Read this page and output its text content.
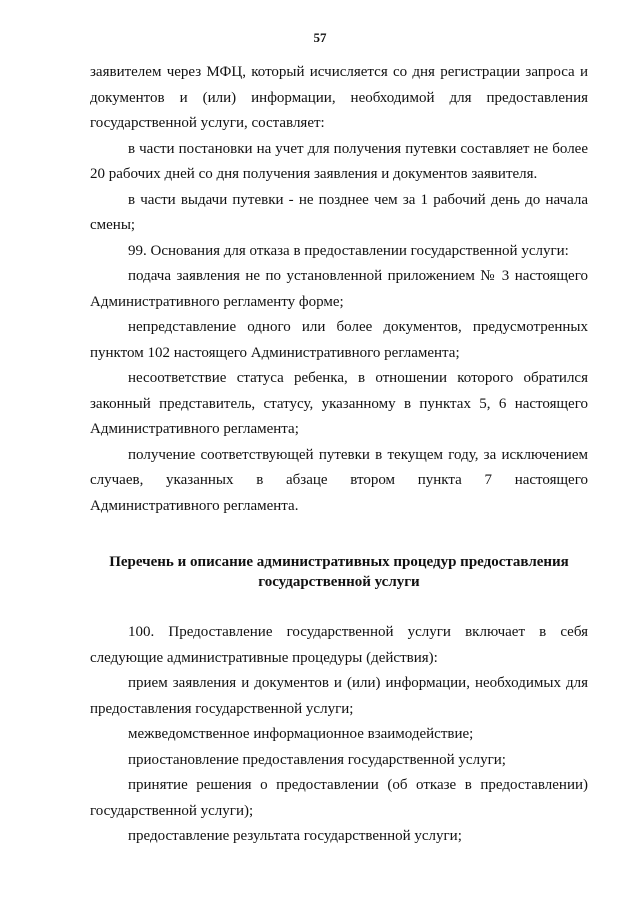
57

заявителем через МФЦ, который исчисляется со дня регистрации запроса и документов и (или) информации, необходимой для предоставления государственной услуги, составляет:

в части постановки на учет для получения путевки составляет не более 20 рабочих дней со дня получения заявления и документов заявителя.

в части выдачи путевки - не позднее чем за 1 рабочий день до начала смены;

99. Основания для отказа в предоставлении государственной услуги:

подача заявления не по установленной приложением № 3 настоящего Административного регламенту форме;

непредставление одного или более документов, предусмотренных пунктом 102 настоящего Административного регламента;

несоответствие статуса ребенка, в отношении которого обратился законный представитель, статусу, указанному в пунктах 5, 6 настоящего Административного регламента;

получение соответствующей путевки в текущем году, за исключением случаев, указанных в абзаце втором пункта 7 настоящего Административного регламента.

Перечень и описание административных процедур предоставления государственной услуги

100. Предоставление государственной услуги включает в себя следующие административные процедуры (действия):

прием заявления и документов и (или) информации, необходимых для предоставления государственной услуги;

межведомственное информационное взаимодействие;

приостановление предоставления государственной услуги;

принятие решения о предоставлении (об отказе в предоставлении) государственной услуги);

предоставление результата государственной услуги;
